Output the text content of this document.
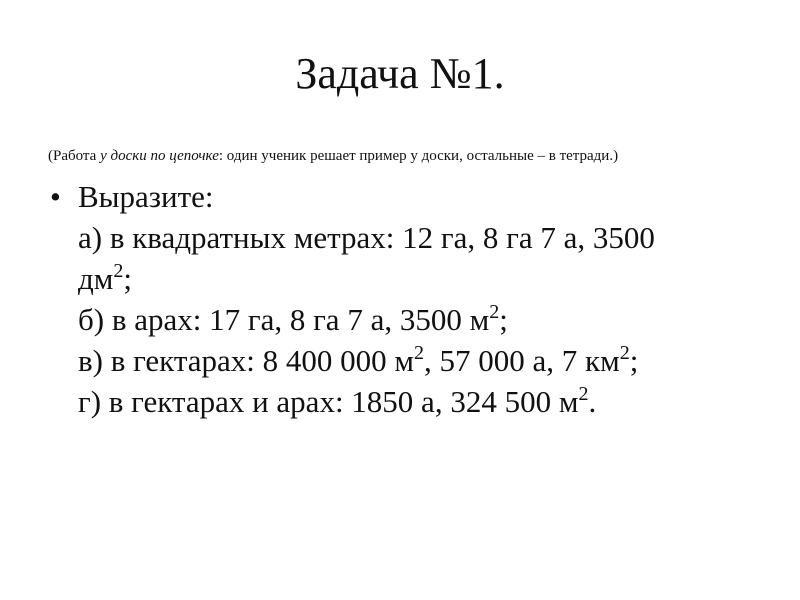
Задача №1.
(Работа у доски по цепочке: один ученик решает пример у доски, остальные – в тетради.)
• Выразите:
а) в квадратных метрах: 12 га, 8 га 7 а, 3500
$дм^2$;
б) в арах: 17 га, 8 га 7 а, 3500 $м^2$;
в) в гектарах: 8 400 000 $м^2$, 57 000 а, 7 $км^2$;
г) в гектарах и арах: 1850 а, 324 500 $м^2$.
